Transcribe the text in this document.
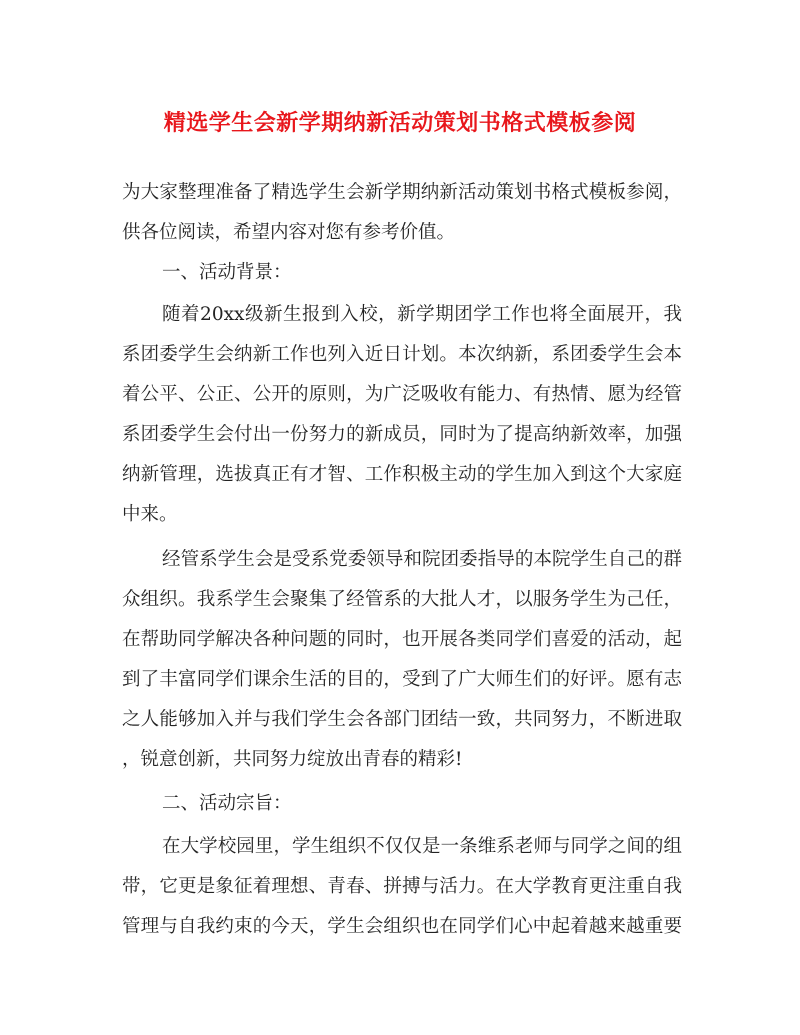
精选学生会新学期纳新活动策划书格式模板参阅
为大家整理准备了精选学生会新学期纳新活动策划书格式模板参阅，
供各位阅读，希望内容对您有参考价值。
一、活动背景：
随着20xx级新生报到入校，新学期团学工作也将全面展开，我
系团委学生会纳新工作也列入近日计划。本次纳新，系团委学生会本
着公平、公正、公开的原则，为广泛吸收有能力、有热情、愿为经管
系团委学生会付出一份努力的新成员，同时为了提高纳新效率，加强
纳新管理，选拔真正有才智、工作积极主动的学生加入到这个大家庭
中来。
经管系学生会是受系党委领导和院团委指导的本院学生自己的群
众组织。我系学生会聚集了经管系的大批人才，以服务学生为己任，
在帮助同学解决各种问题的同时，也开展各类同学们喜爱的活动，起
到了丰富同学们课余生活的目的，受到了广大师生们的好评。愿有志
之人能够加入并与我们学生会各部门团结一致，共同努力，不断进取
，锐意创新，共同努力绽放出青春的精彩!
二、活动宗旨：
在大学校园里，学生组织不仅仅是一条维系老师与同学之间的组
带，它更是象征着理想、青春、拼搏与活力。在大学教育更注重自我
管理与自我约束的今天，学生会组织也在同学们心中起着越来越重要
